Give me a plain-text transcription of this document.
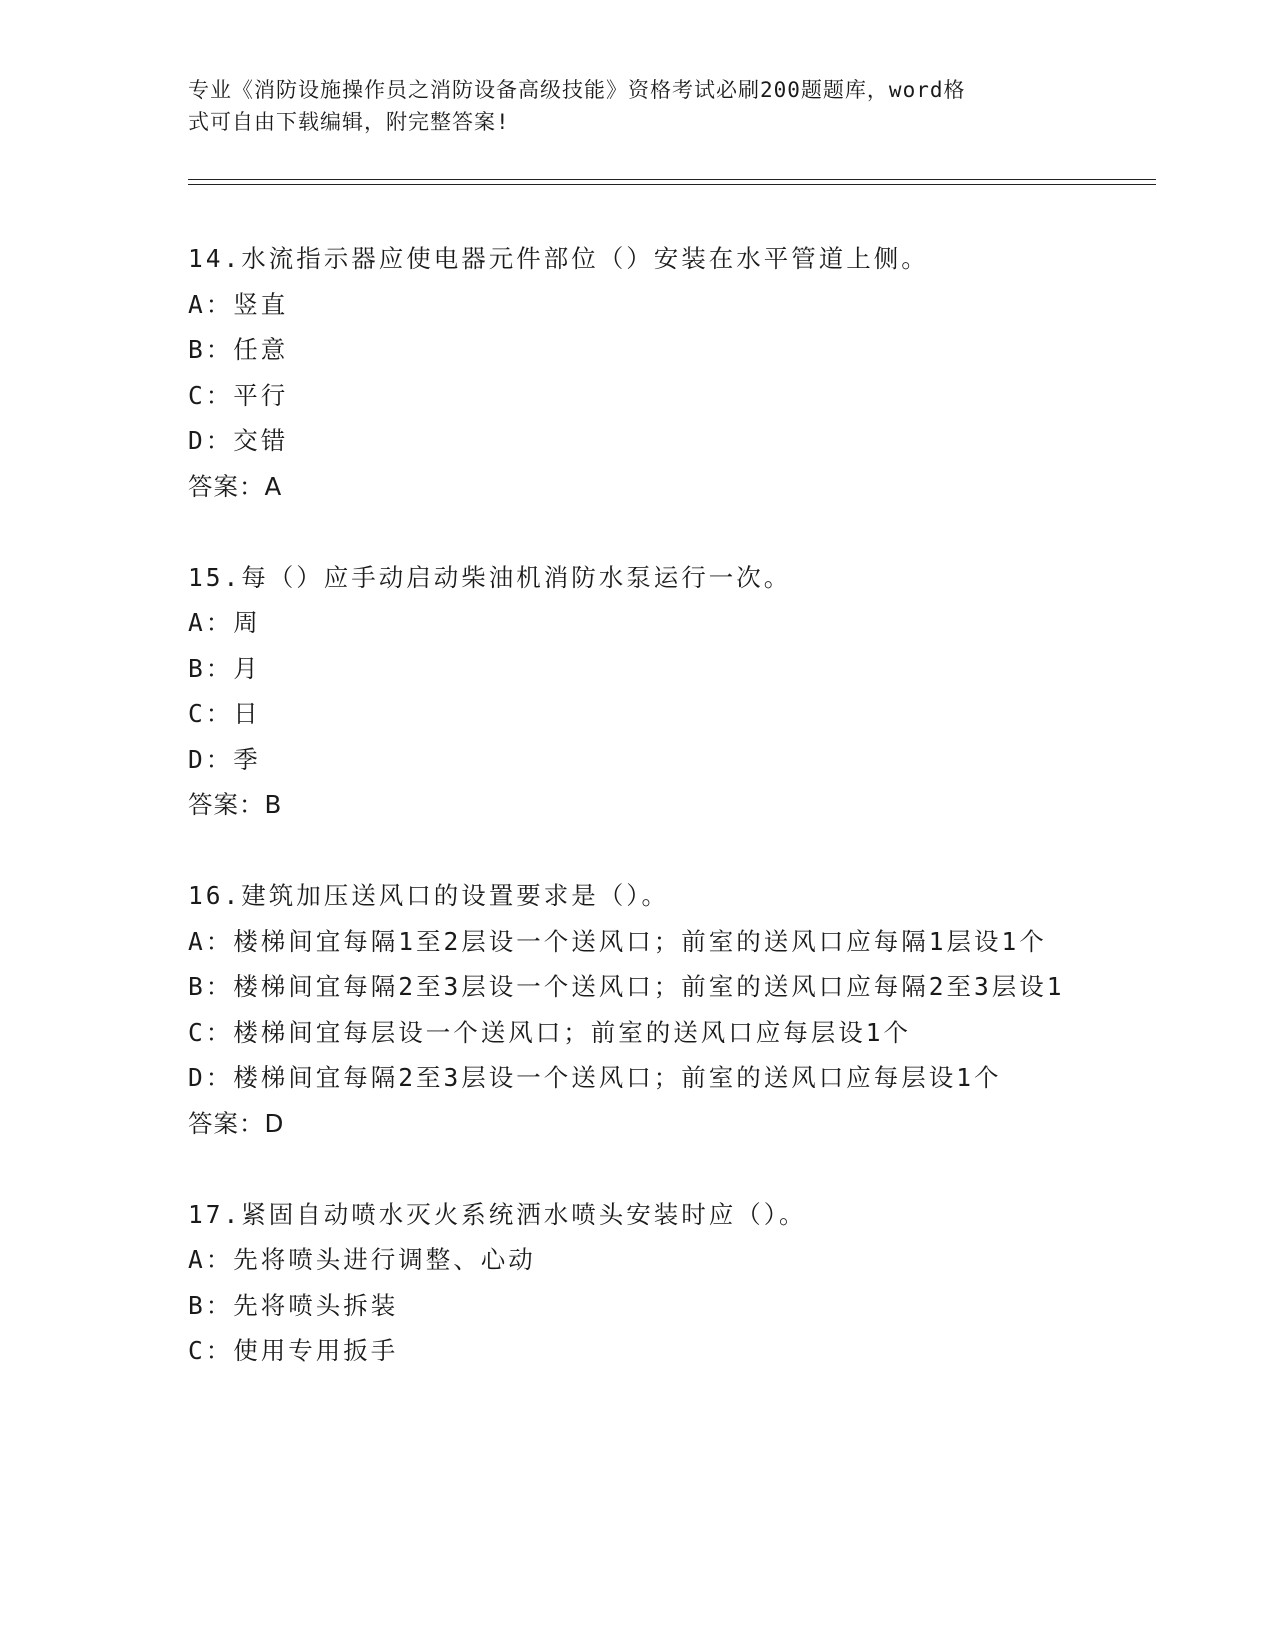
专业《消防设施操作员之消防设备高级技能》资格考试必刷200题题库，word格
式可自由下载编辑，附完整答案!

14.水流指示器应使电器元件部位（）安装在水平管道上侧。

A：竖直

B：任意

C：平行

D：交错

答案：A

15.每（）应手动启动柴油机消防水泵运行一次。

A：周

B：月

C：日

D：季

答案：B

16.建筑加压送风口的设置要求是（）。

A：楼梯间宜每隔1至2层设一个送风口；前室的送风口应每隔1层设1个

B：楼梯间宜每隔2至3层设一个送风口；前室的送风口应每隔2至3层设1

C：楼梯间宜每层设一个送风口；前室的送风口应每层设1个

D：楼梯间宜每隔2至3层设一个送风口；前室的送风口应每层设1个

答案：D

17.紧固自动喷水灭火系统洒水喷头安装时应（）。

A：先将喷头进行调整、心动

B：先将喷头拆装

C：使用专用扳手
